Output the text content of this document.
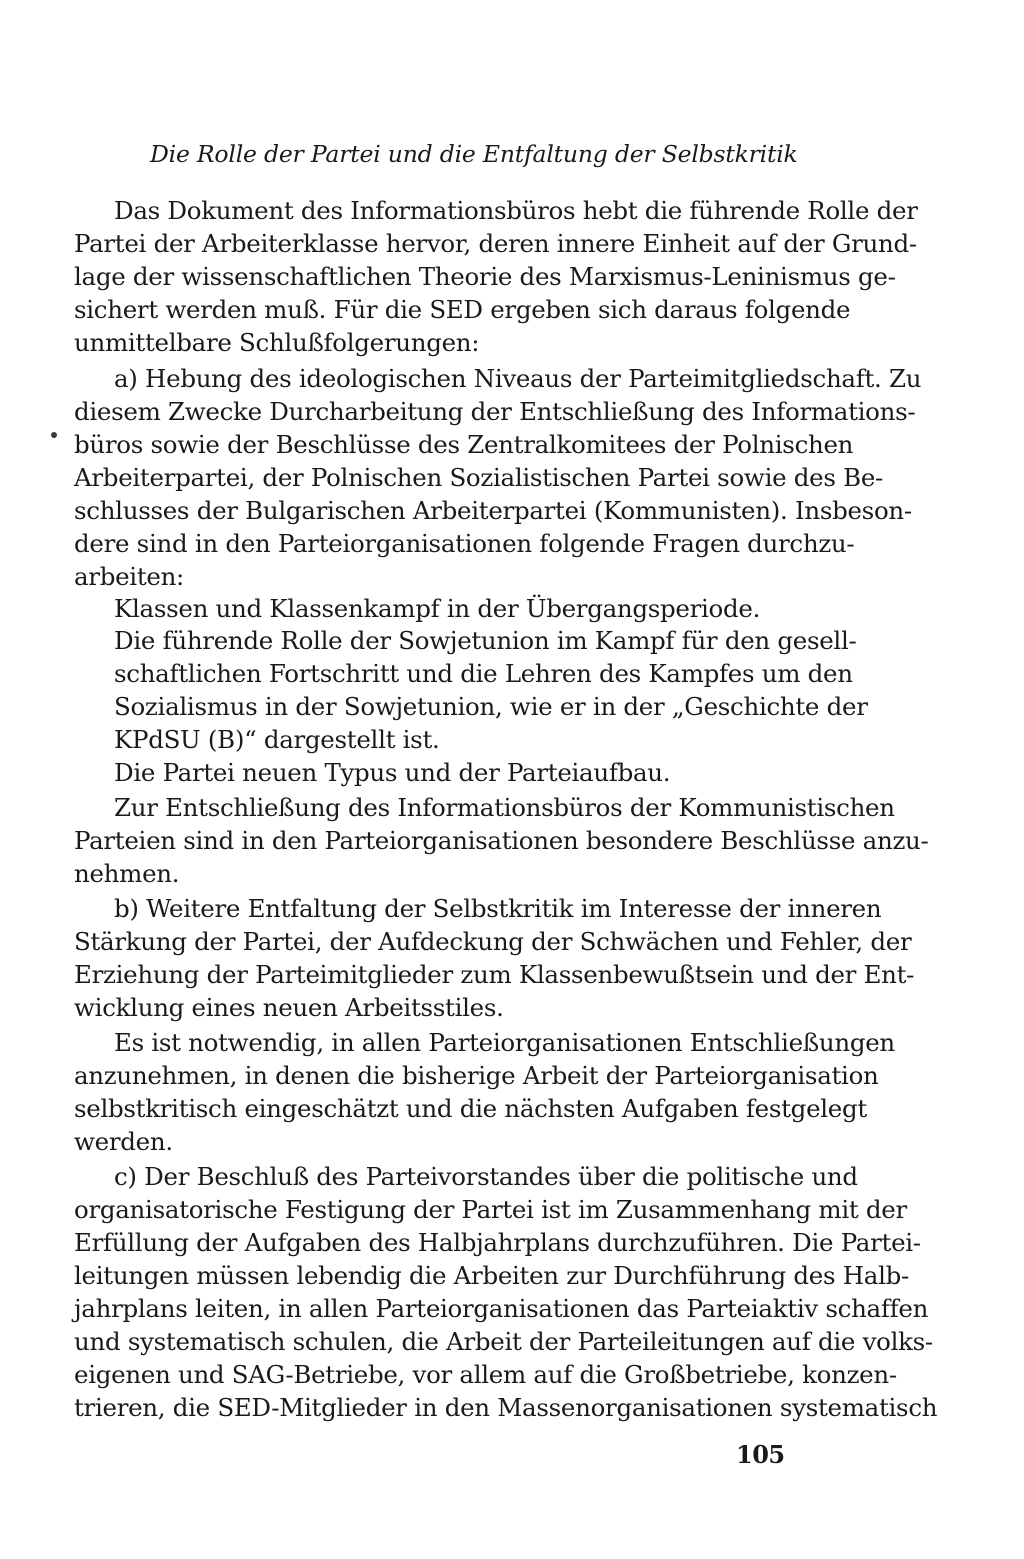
Die Rolle der Partei und die Entfaltung der Selbstkritik
Das Dokument des Informationsbüros hebt die führende Rolle der
Partei der Arbeiterklasse hervor, deren innere Einheit auf der Grund-
lage der wissenschaftlichen Theorie des Marxismus-Leninismus ge-
sichert werden muß. Für die SED ergeben sich daraus folgende
unmittelbare Schlußfolgerungen:
a) Hebung des ideologischen Niveaus der Parteimitgliedschaft. Zu
diesem Zwecke Durcharbeitung der Entschließung des Informations-
büros sowie der Beschlüsse des Zentralkomitees der Polnischen
Arbeiterpartei, der Polnischen Sozialistischen Partei sowie des Be-
schlusses der Bulgarischen Arbeiterpartei (Kommunisten). Insbeson-
dere sind in den Parteiorganisationen folgende Fragen durchzu-
arbeiten:
Klassen und Klassenkampf in der Übergangsperiode.
Die führende Rolle der Sowjetunion im Kampf für den gesell-
schaftlichen Fortschritt und die Lehren des Kampfes um den
Sozialismus in der Sowjetunion, wie er in der „Geschichte der
KPdSU (B)“ dargestellt ist.
Die Partei neuen Typus und der Parteiaufbau.
Zur Entschließung des Informationsbüros der Kommunistischen
Parteien sind in den Parteiorganisationen besondere Beschlüsse anzu-
nehmen.
b) Weitere Entfaltung der Selbstkritik im Interesse der inneren
Stärkung der Partei, der Aufdeckung der Schwächen und Fehler, der
Erziehung der Parteimitglieder zum Klassenbewußtsein und der Ent-
wicklung eines neuen Arbeitsstiles.
Es ist notwendig, in allen Parteiorganisationen Entschließungen
anzunehmen, in denen die bisherige Arbeit der Parteiorganisation
selbstkritisch eingeschätzt und die nächsten Aufgaben festgelegt
werden.
c) Der Beschluß des Parteivorstandes über die politische und
organisatorische Festigung der Partei ist im Zusammenhang mit der
Erfüllung der Aufgaben des Halbjahrplans durchzuführen. Die Partei-
leitungen müssen lebendig die Arbeiten zur Durchführung des Halb-
jahrplans leiten, in allen Parteiorganisationen das Parteiaktiv schaffen
und systematisch schulen, die Arbeit der Parteileitungen auf die volks-
eigenen und SAG-Betriebe, vor allem auf die Großbetriebe, konzen-
trieren, die SED-Mitglieder in den Massenorganisationen systematisch
105
